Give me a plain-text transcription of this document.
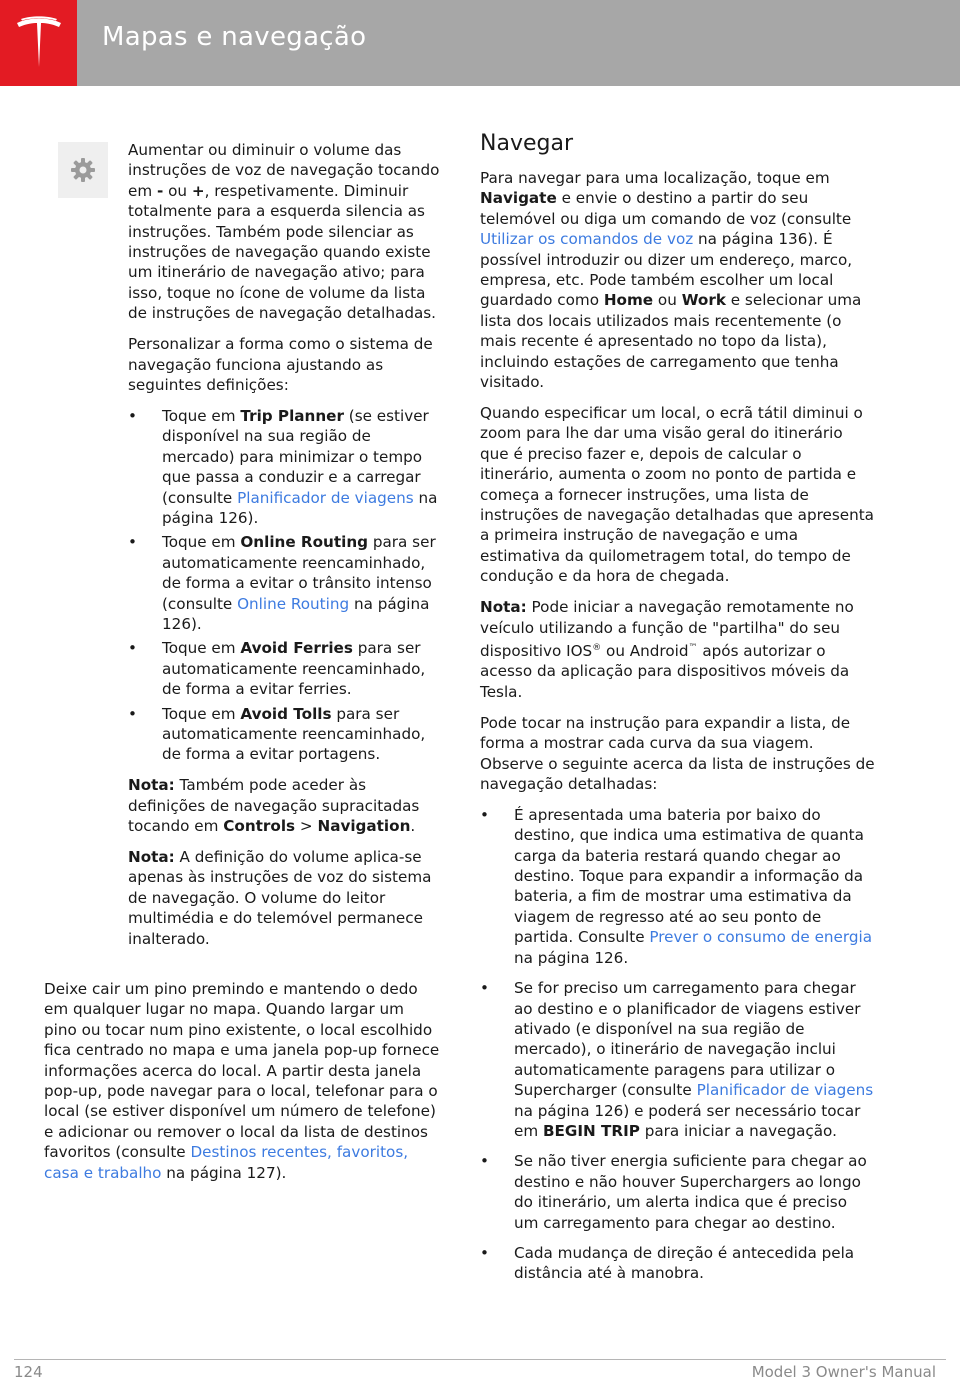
Mapas e navegação

Aumentar ou diminuir o volume das instruções de voz de navegação tocando em - ou +, respetivamente. Diminuir totalmente para a esquerda silencia as instruções. Também pode silenciar as instruções de navegação quando existe um itinerário de navegação ativo; para isso, toque no ícone de volume da lista de instruções de navegação detalhadas.

Personalizar a forma como o sistema de navegação funciona ajustando as seguintes definições:

• Toque em Trip Planner (se estiver disponível na sua região de mercado) para minimizar o tempo que passa a conduzir e a carregar (consulte Planificador de viagens na página 126).
• Toque em Online Routing para ser automaticamente reencaminhado, de forma a evitar o trânsito intenso (consulte Online Routing na página 126).
• Toque em Avoid Ferries para ser automaticamente reencaminhado, de forma a evitar ferries.
• Toque em Avoid Tolls para ser automaticamente reencaminhado, de forma a evitar portagens.

Nota: Também pode aceder às definições de navegação supracitadas tocando em Controls > Navigation.

Nota: A definição do volume aplica-se apenas às instruções de voz do sistema de navegação. O volume do leitor multimédia e do telemóvel permanece inalterado.

Deixe cair um pino premindo e mantendo o dedo em qualquer lugar no mapa. Quando largar um pino ou tocar num pino existente, o local escolhido fica centrado no mapa e uma janela pop-up fornece informações acerca do local. A partir desta janela pop-up, pode navegar para o local, telefonar para o local (se estiver disponível um número de telefone) e adicionar ou remover o local da lista de destinos favoritos (consulte Destinos recentes, favoritos, casa e trabalho na página 127).

Navegar

Para navegar para uma localização, toque em Navigate e envie o destino a partir do seu telemóvel ou diga um comando de voz (consulte Utilizar os comandos de voz na página 136). É possível introduzir ou dizer um endereço, marco, empresa, etc. Pode também escolher um local guardado como Home ou Work e selecionar uma lista dos locais utilizados mais recentemente (o mais recente é apresentado no topo da lista), incluindo estações de carregamento que tenha visitado.

Quando especificar um local, o ecrã tátil diminui o zoom para lhe dar uma visão geral do itinerário que é preciso fazer e, depois de calcular o itinerário, aumenta o zoom no ponto de partida e começa a fornecer instruções, uma lista de instruções de navegação detalhadas que apresenta a primeira instrução de navegação e uma estimativa da quilometragem total, do tempo de condução e da hora de chegada.

Nota: Pode iniciar a navegação remotamente no veículo utilizando a função de "partilha" do seu dispositivo IOS® ou Android™ após autorizar o acesso da aplicação para dispositivos móveis da Tesla.

Pode tocar na instrução para expandir a lista, de forma a mostrar cada curva da sua viagem. Observe o seguinte acerca da lista de instruções de navegação detalhadas:

• É apresentada uma bateria por baixo do destino, que indica uma estimativa de quanta carga da bateria restará quando chegar ao destino. Toque para expandir a informação da bateria, a fim de mostrar uma estimativa da viagem de regresso até ao seu ponto de partida. Consulte Prever o consumo de energia na página 126.
• Se for preciso um carregamento para chegar ao destino e o planificador de viagens estiver ativado (e disponível na sua região de mercado), o itinerário de navegação inclui automaticamente paragens para utilizar o Supercharger (consulte Planificador de viagens na página 126) e poderá ser necessário tocar em BEGIN TRIP para iniciar a navegação.
• Se não tiver energia suficiente para chegar ao destino e não houver Superchargers ao longo do itinerário, um alerta indica que é preciso um carregamento para chegar ao destino.
• Cada mudança de direção é antecedida pela distância até à manobra.
124	Model 3 Owner's Manual
